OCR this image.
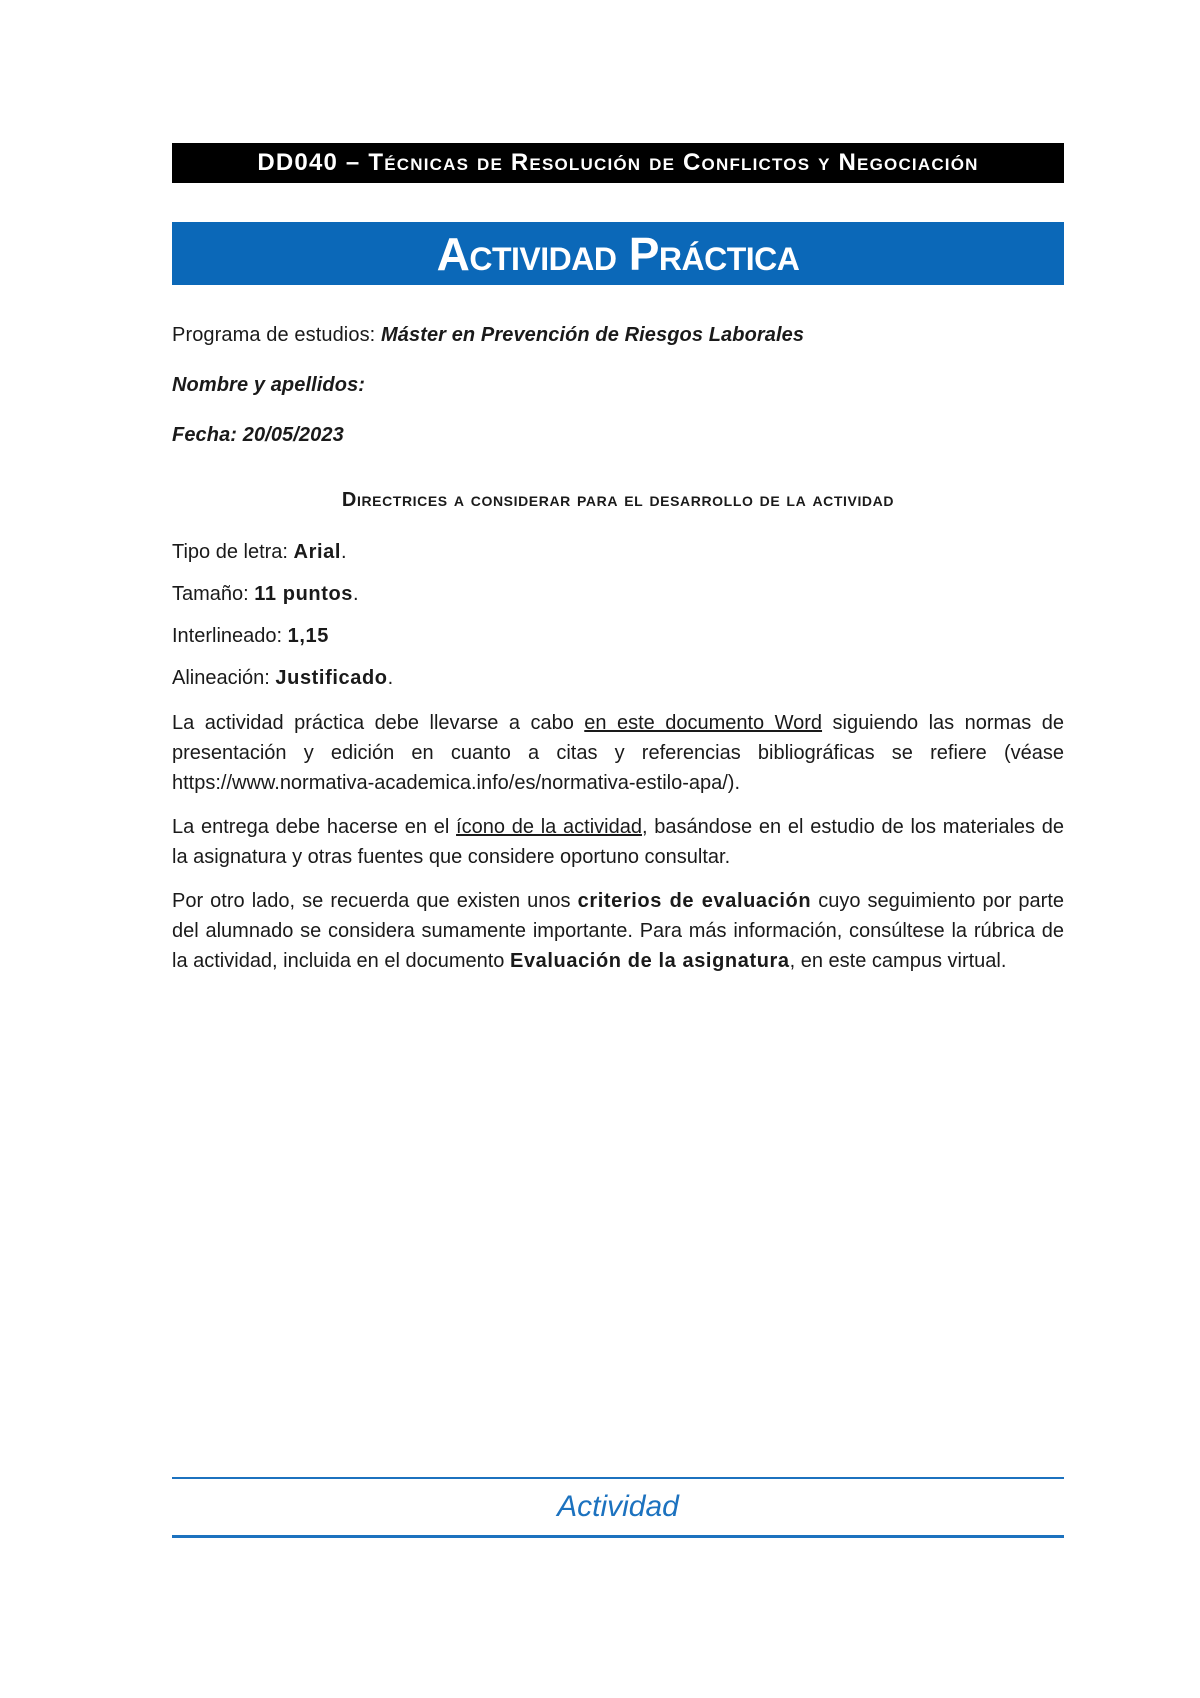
DD040 – Técnicas de Resolución de Conflictos y Negociación
Actividad Práctica

Programa de estudios: Máster en Prevención de Riesgos Laborales

Nombre y apellidos:

Fecha: 20/05/2023

Directrices a considerar para el desarrollo de la actividad

Tipo de letra: Arial.

Tamaño: 11 puntos.

Interlineado: 1,15

Alineación: Justificado.

La actividad práctica debe llevarse a cabo en este documento Word siguiendo las normas de presentación y edición en cuanto a citas y referencias bibliográficas se refiere (véase https://www.normativa-academica.info/es/normativa-estilo-apa/).

La entrega debe hacerse en el ícono de la actividad, basándose en el estudio de los materiales de la asignatura y otras fuentes que considere oportuno consultar.

Por otro lado, se recuerda que existen unos criterios de evaluación cuyo seguimiento por parte del alumnado se considera sumamente importante. Para más información, consúltese la rúbrica de la actividad, incluida en el documento Evaluación de la asignatura, en este campus virtual.

Actividad
